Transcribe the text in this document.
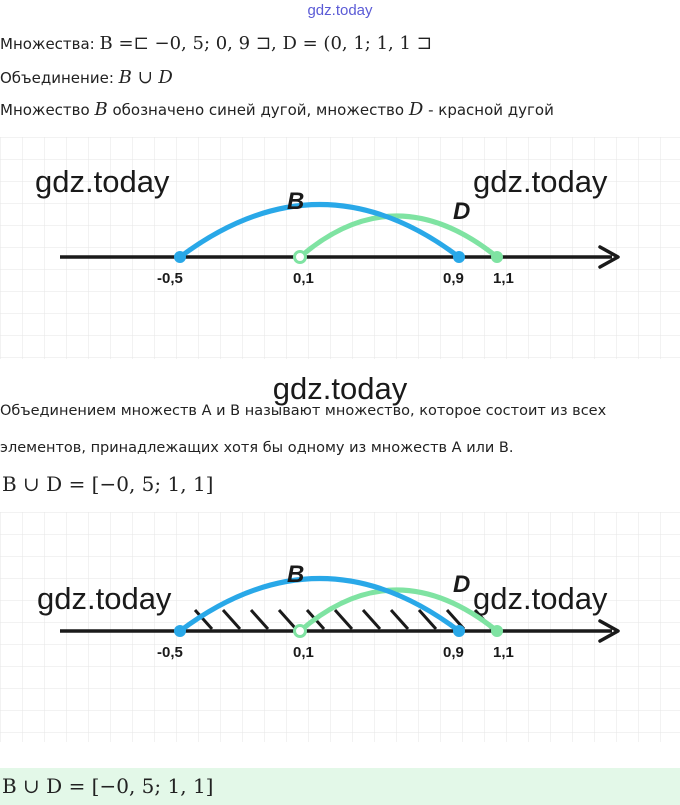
gdz.today
Множества: B =⊏ −0, 5; 0, 9 ⊐, D = (0, 1; 1, 1 ⊐
Объединение: B ∪ D
Множество B обозначено синей дугой, множество D - красной дугой
gdz.today	gdz.today
B	D
-0,5	0,1	0,9 1,1
gdz.today
Объединением множеств А и В называют множество, которое состоит из всех
элементов, принадлежащих хотя бы одному из множеств А или В.
B ∪ D = [−0, 5; 1, 1]
gdz.today	gdz.today
B	D
-0,5	0,1	0,9 1,1
B ∪ D = [−0, 5; 1, 1]
